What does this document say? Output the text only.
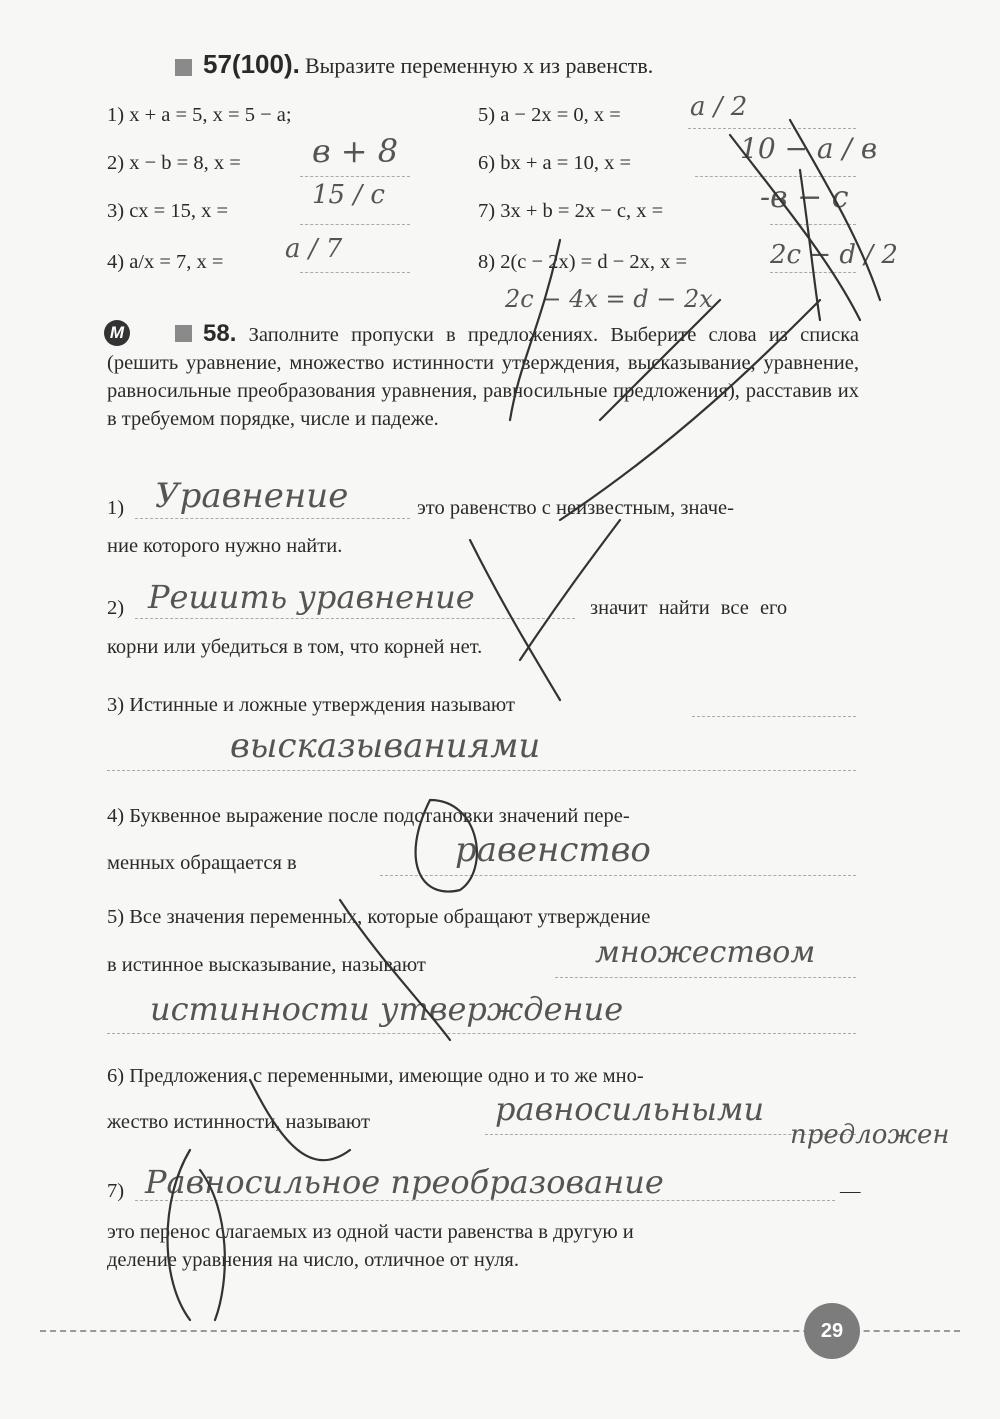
57(100). Выразите переменную x из равенств.
1) x + a = 5, x = 5 − a;
2) x − b = 8, x = в + 8
3) cx = 15, x =
15 / c
4) a/x = 7, x = a / 7
5) a − 2x = 0, x =	a / 2
6) bx + a = 10, x =	10 − a / в
7) 3x + b = 2x − c, x =	-в − c
8) 2(c − 2x) = d − 2x, x =	2c − d / 2
2c − 4x = d − 2x
М	58. Заполните пропуски в предложениях. Выберите слова из списка (решить уравнение, множество истинности утверждения, высказывание, уравнение, равносильные преобразования уравнения, равносильные предложения), расставив их в требуемом порядке, числе и падеже.
1) Уравнение	это равенство с неизвестным, значе-
ние которого нужно найти.
2) Решить уравнение	значит найти все его
корни или убедиться в том, что корней нет.
3) Истинные и ложные утверждения называют
высказываниями
4) Буквенное выражение после подстановки значений пере-
менных обращается в	равенство
5) Все значения переменных, которые обращают утверждение
в истинное высказывание, называют	множеством
истинности утверждение
6) Предложения с переменными, имеющие одно и то же мно-
жество истинности, называют	равносильными
предложен
7) Равносильное преобразование	—
это перенос слагаемых из одной части равенства в другую и
деление уравнения на число, отличное от нуля.
29
